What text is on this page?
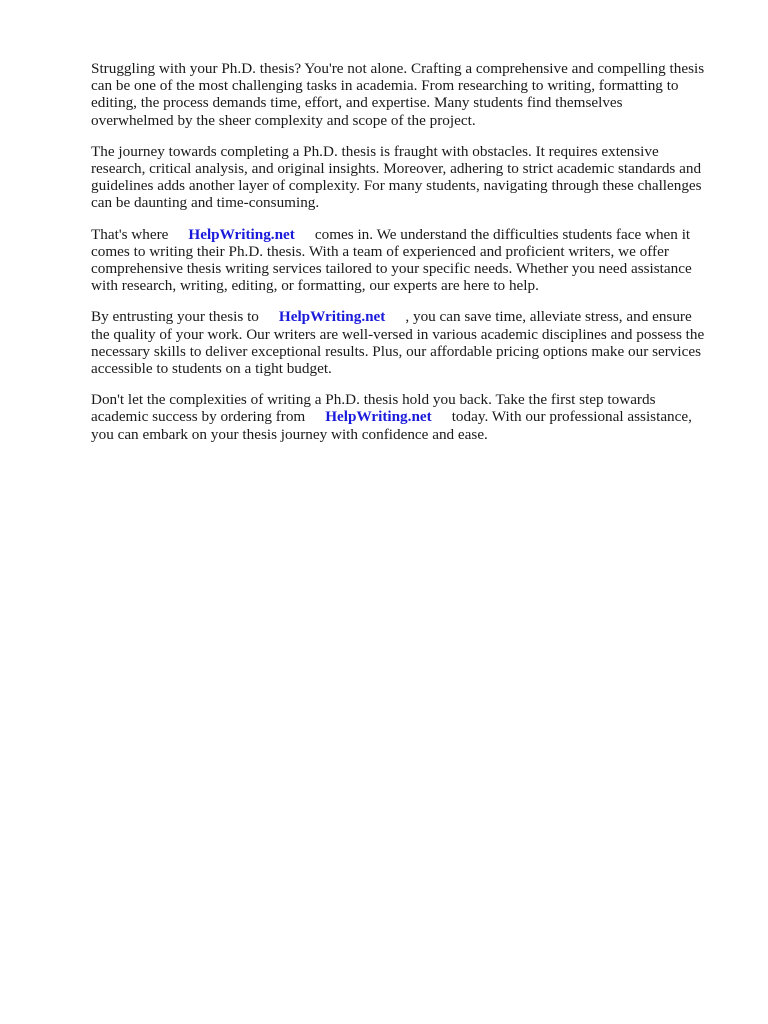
Struggling with your Ph.D. thesis? You're not alone. Crafting a comprehensive and compelling thesis
can be one of the most challenging tasks in academia. From researching to writing, formatting to
editing, the process demands time, effort, and expertise. Many students find themselves
overwhelmed by the sheer complexity and scope of the project.

The journey towards completing a Ph.D. thesis is fraught with obstacles. It requires extensive
research, critical analysis, and original insights. Moreover, adhering to strict academic standards and
guidelines adds another layer of complexity. For many students, navigating through these challenges
can be daunting and time-consuming.

That's where HelpWriting.net comes in. We understand the difficulties students face when it
comes to writing their Ph.D. thesis. With a team of experienced and proficient writers, we offer
comprehensive thesis writing services tailored to your specific needs. Whether you need assistance
with research, writing, editing, or formatting, our experts are here to help.

By entrusting your thesis to HelpWriting.net , you can save time, alleviate stress, and ensure
the quality of your work. Our writers are well-versed in various academic disciplines and possess the
necessary skills to deliver exceptional results. Plus, our affordable pricing options make our services
accessible to students on a tight budget.

Don't let the complexities of writing a Ph.D. thesis hold you back. Take the first step towards
academic success by ordering from HelpWriting.net today. With our professional assistance,
you can embark on your thesis journey with confidence and ease.
